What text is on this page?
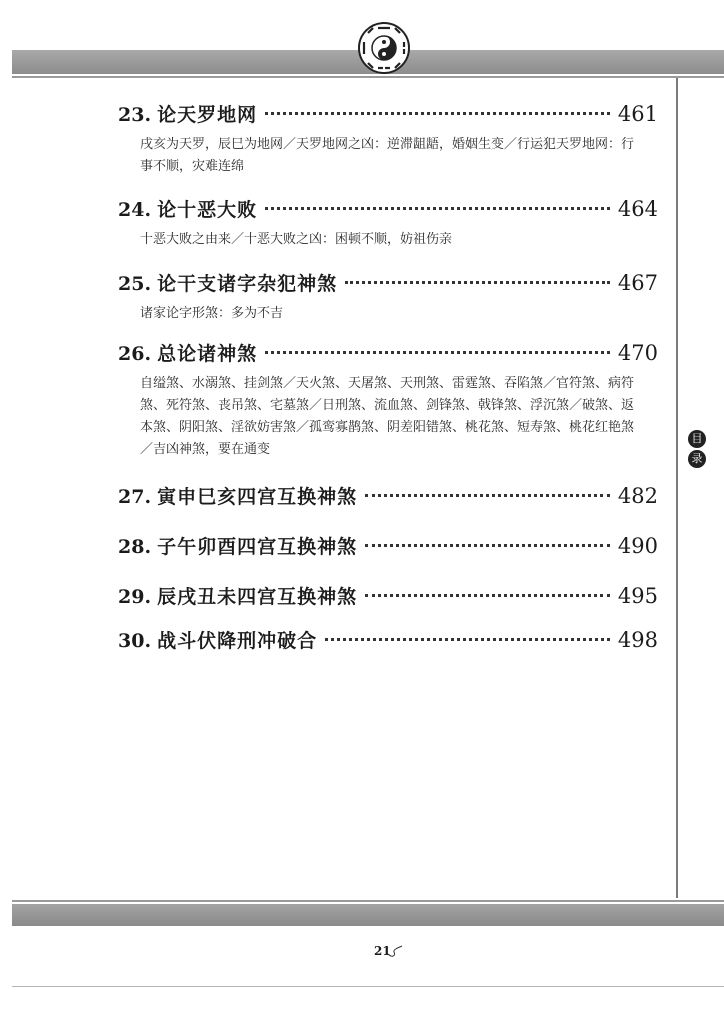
目
录
23. 论天罗地网	461
戌亥为天罗，辰巳为地网／天罗地网之凶：逆滞龃龉，婚姻生变／行运犯天罗地网：行事不顺，灾难连绵
24. 论十恶大败	464
十恶大败之由来／十恶大败之凶：困顿不顺，妨祖伤亲
25. 论干支诸字杂犯神煞	467
诸家论字形煞：多为不吉
26. 总论诸神煞	470
自缢煞、水溺煞、挂剑煞／天火煞、天屠煞、天刑煞、雷霆煞、吞陷煞／官符煞、病符煞、死符煞、丧吊煞、宅墓煞／日刑煞、流血煞、剑锋煞、戟锋煞、浮沉煞／破煞、返本煞、阴阳煞、淫欲妨害煞／孤鸾寡鹊煞、阴差阳错煞、桃花煞、短寿煞、桃花红艳煞／吉凶神煞，要在通变
27. 寅申巳亥四宫互换神煞	482
28. 子午卯酉四宫互换神煞	490
29. 辰戌丑未四宫互换神煞	495
30. 战斗伏降刑冲破合	498
21
